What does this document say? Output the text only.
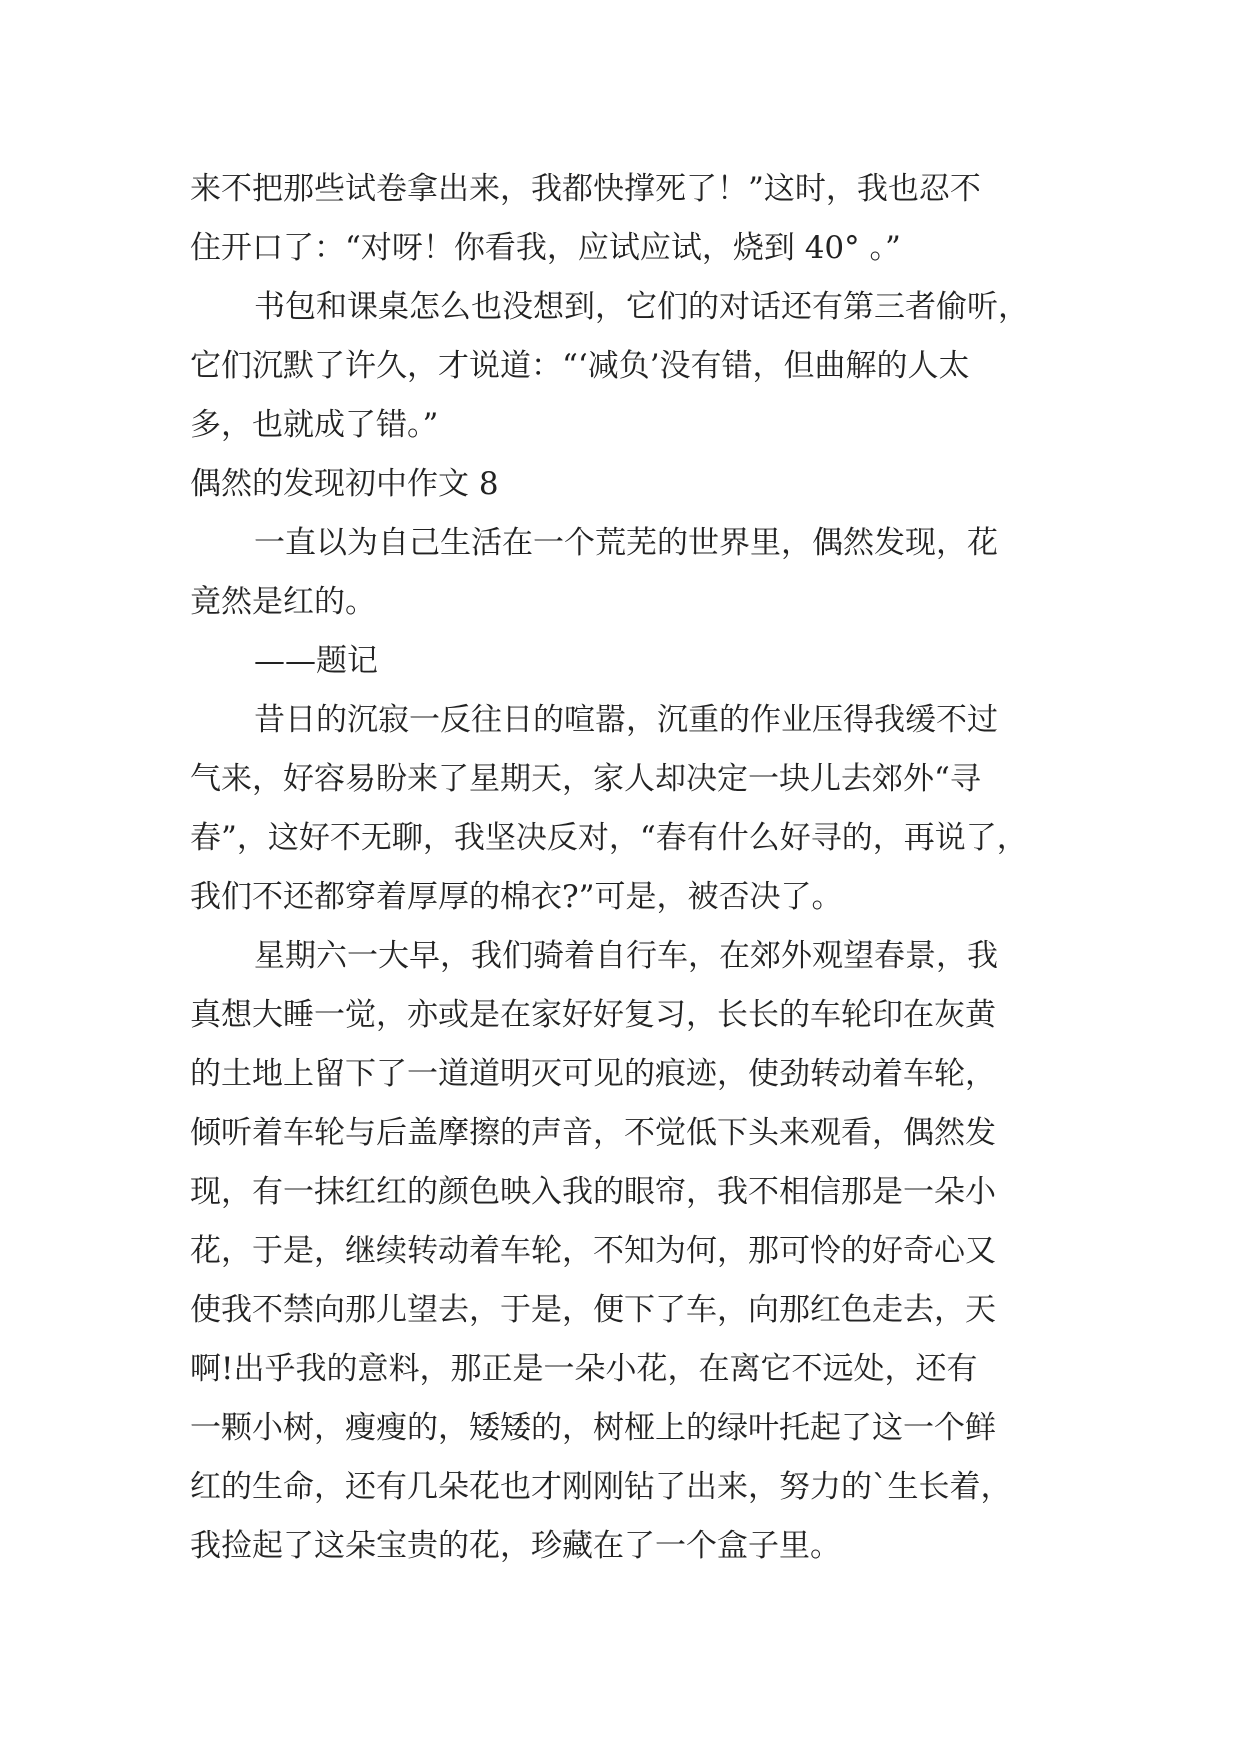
来不把那些试卷拿出来，我都快撑死了！”这时，我也忍不
住开口了：“对呀！你看我，应试应试，烧到 40° 。”
书包和课桌怎么也没想到，它们的对话还有第三者偷听，
它们沉默了许久，才说道：“‘减负’没有错，但曲解的人太
多，也就成了错。”
偶然的发现初中作文 8
一直以为自己生活在一个荒芜的世界里，偶然发现，花
竟然是红的。
——题记
昔日的沉寂一反往日的喧嚣，沉重的作业压得我缓不过
气来，好容易盼来了星期天，家人却决定一块儿去郊外“寻
春”，这好不无聊，我坚决反对，“春有什么好寻的，再说了，
我们不还都穿着厚厚的棉衣?”可是，被否决了。
星期六一大早，我们骑着自行车，在郊外观望春景，我
真想大睡一觉，亦或是在家好好复习，长长的车轮印在灰黄
的土地上留下了一道道明灭可见的痕迹，使劲转动着车轮，
倾听着车轮与后盖摩擦的声音，不觉低下头来观看，偶然发
现，有一抹红红的颜色映入我的眼帘，我不相信那是一朵小
花，于是，继续转动着车轮，不知为何，那可怜的好奇心又
使我不禁向那儿望去，于是，便下了车，向那红色走去，天
啊!出乎我的意料，那正是一朵小花，在离它不远处，还有
一颗小树，瘦瘦的，矮矮的，树桠上的绿叶托起了这一个鲜
红的生命，还有几朵花也才刚刚钻了出来，努力的`生长着，
我捡起了这朵宝贵的花，珍藏在了一个盒子里。
